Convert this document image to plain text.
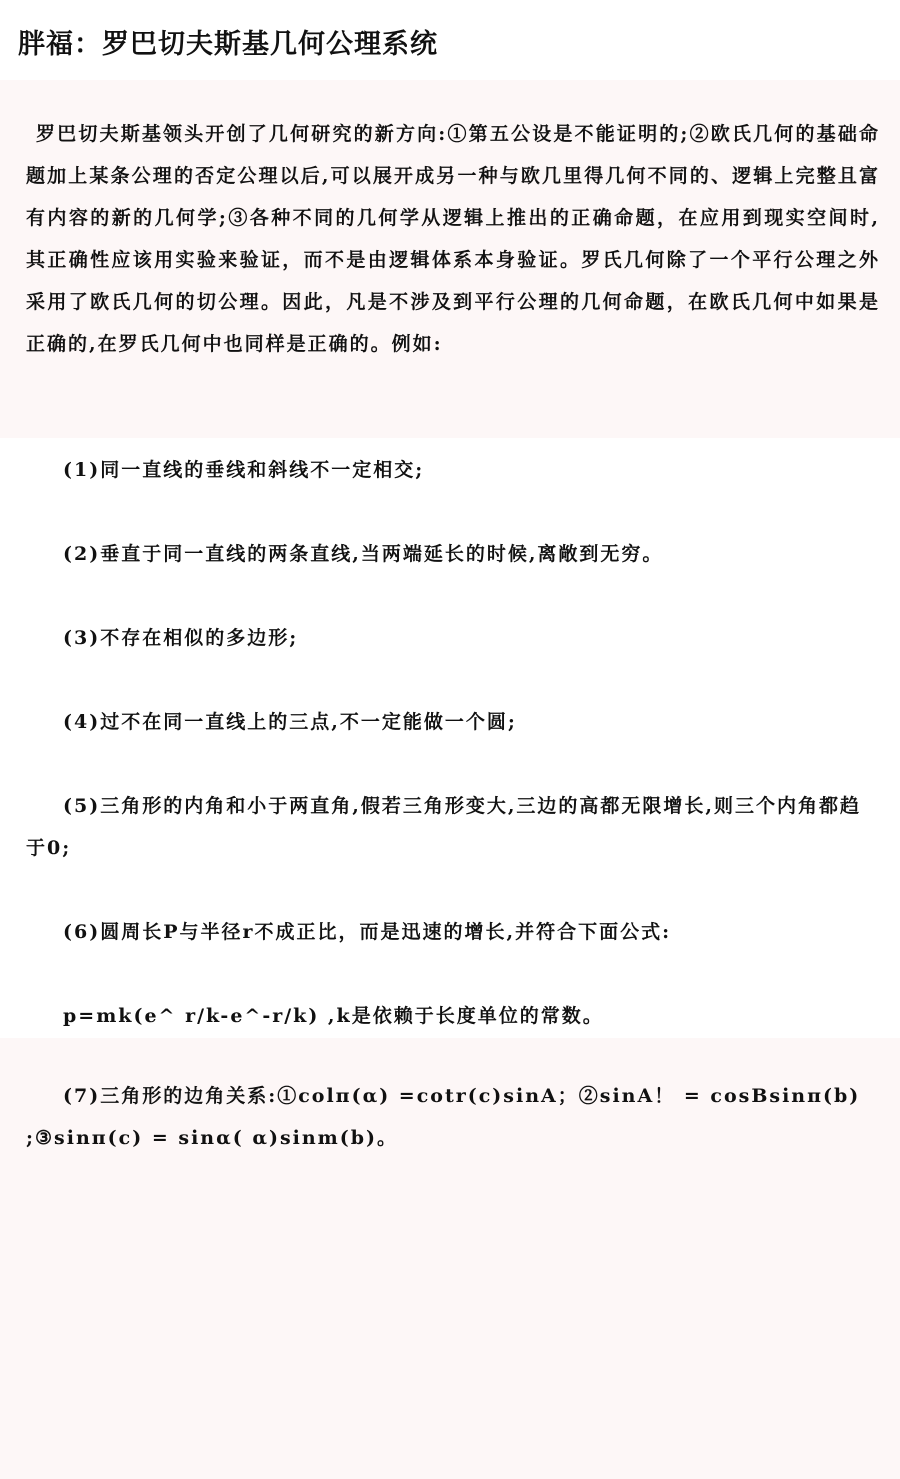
胖福：罗巴切夫斯基几何公理系统

罗巴切夫斯基领头开创了几何研究的新方向:①第五公设是不能证明的;②欧氏几何的基础命题加上某条公理的否定公理以后,可以展开成另一种与欧几里得几何不同的、逻辑上完整且富有内容的新的几何学;③各种不同的几何学从逻辑上推出的正确命题，在应用到现实空间时,其正确性应该用实验来验证，而不是由逻辑体系本身验证。罗氏几何除了一个平行公理之外采用了欧氏几何的切公理。因此，凡是不涉及到平行公理的几何命题，在欧氏几何中如果是正确的,在罗氏几何中也同样是正确的。例如:

(1)同一直线的垂线和斜线不一定相交;

(2)垂直于同一直线的两条直线,当两端延长的时候,离敞到无穷。

(3)不存在相似的多边形;

(4)过不在同一直线上的三点,不一定能做一个圆;

(5)三角形的内角和小于两直角,假若三角形变大,三边的高都无限增长,则三个内角都趋于0;

(6)圆周长P与半径r不成正比，而是迅速的增长,并符合下面公式:

p=mk(e^ r/k-e^-r/k) ,k是依赖于长度单位的常数。

(7)三角形的边角关系:①colπ(α) =cotr(c)sinA；②sinA！ = cosBsinπ(b) ;③sinπ(c) = sinα( α)sinm(b)。
